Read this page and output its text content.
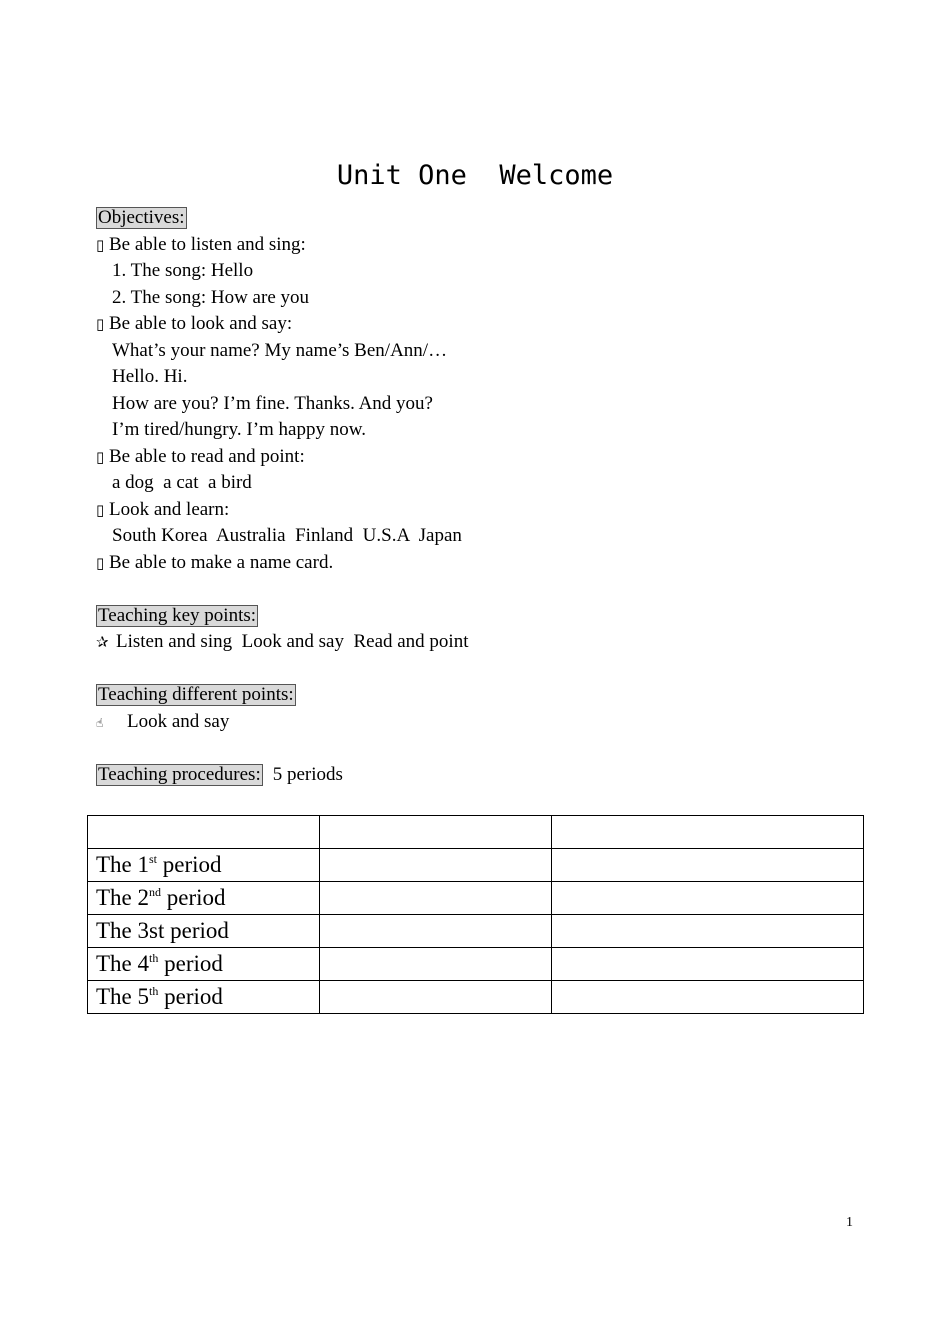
Unit One  Welcome
Objectives:
▯ Be able to listen and sing:
1. The song: Hello
2. The song: How are you
▯ Be able to look and say:
What’s your name? My name’s Ben/Ann/…
Hello. Hi.
How are you? I’m fine. Thanks. And you?
I’m tired/hungry. I’m happy now.
▯ Be able to read and point:
a dog  a cat  a bird
▯ Look and learn:
South Korea  Australia  Finland  U.S.A  Japan
▯ Be able to make a name card.
Teaching key points:
✰ Listen and sing  Look and say  Read and point
Teaching different points:
☝ Look and say
Teaching procedures: 5 periods

The 1st period		
The 2nd period		
The 3st period		
The 4th period		
The 5th period		
1
